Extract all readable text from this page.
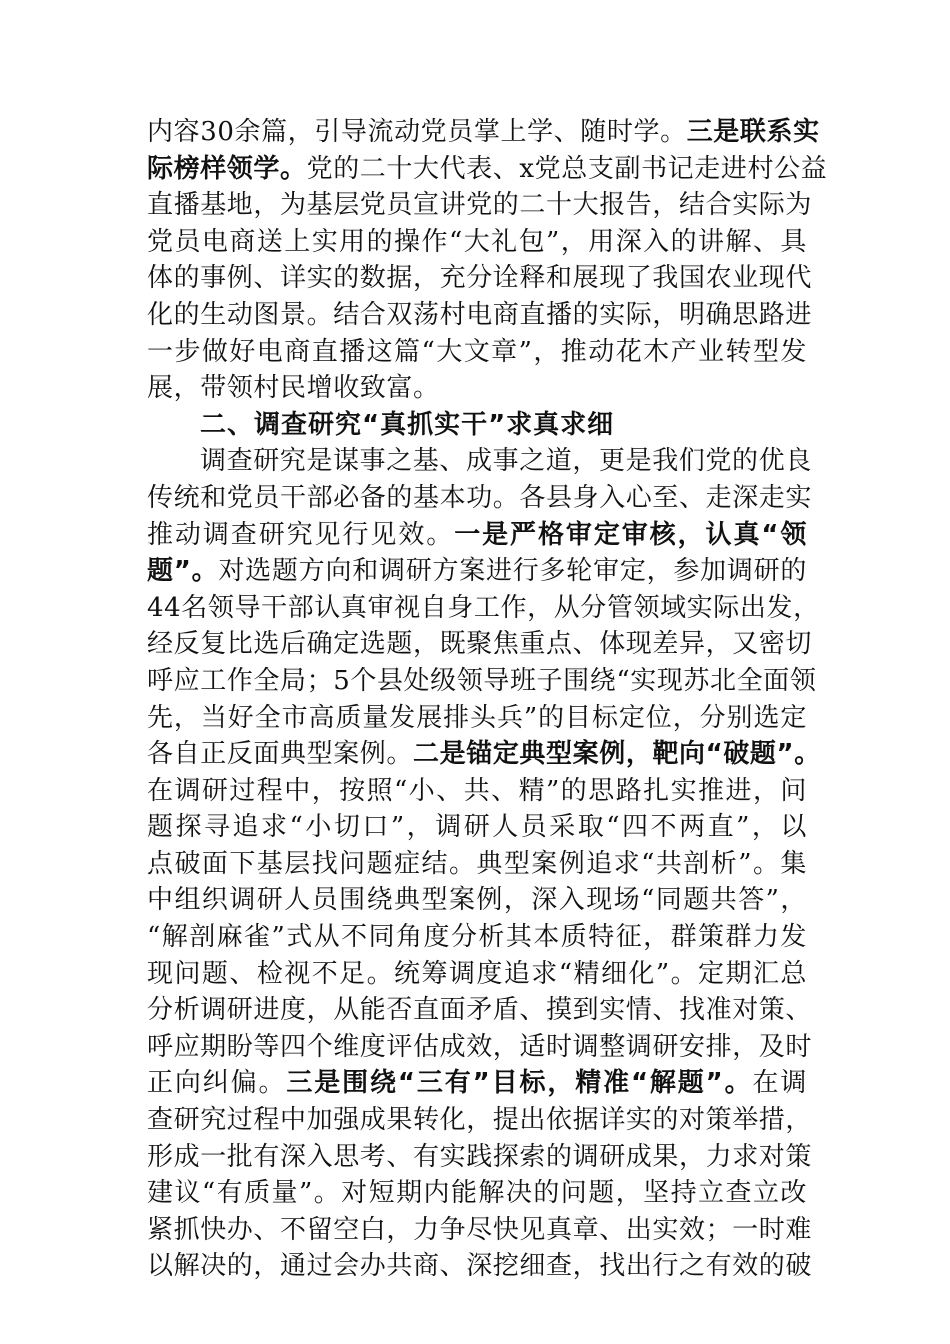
内容30余篇，引导流动党员掌上学、随时学。三是联系实
际榜样领学。党的二十大代表、x党总支副书记走进村公益
直播基地，为基层党员宣讲党的二十大报告，结合实际为
党员电商送上实用的操作“大礼包”，用深入的讲解、具
体的事例、详实的数据，充分诠释和展现了我国农业现代
化的生动图景。结合双荡村电商直播的实际，明确思路进
一步做好电商直播这篇“大文章”，推动花木产业转型发
展，带领村民增收致富。
二、调查研究“真抓实干”求真求细
调查研究是谋事之基、成事之道，更是我们党的优良
传统和党员干部必备的基本功。各县身入心至、走深走实
推动调查研究见行见效。一是严格审定审核，认真“领
题”。对选题方向和调研方案进行多轮审定，参加调研的
44名领导干部认真审视自身工作，从分管领域实际出发，
经反复比选后确定选题，既聚焦重点、体现差异，又密切
呼应工作全局；5个县处级领导班子围绕“实现苏北全面领
先，当好全市高质量发展排头兵”的目标定位，分别选定
各自正反面典型案例。二是锚定典型案例，靶向“破题”。
在调研过程中，按照“小、共、精”的思路扎实推进，问
题探寻追求“小切口”，调研人员采取“四不两直”，以
点破面下基层找问题症结。典型案例追求“共剖析”。集
中组织调研人员围绕典型案例，深入现场“同题共答”，
“解剖麻雀”式从不同角度分析其本质特征，群策群力发
现问题、检视不足。统筹调度追求“精细化”。定期汇总
分析调研进度，从能否直面矛盾、摸到实情、找准对策、
呼应期盼等四个维度评估成效，适时调整调研安排，及时
正向纠偏。三是围绕“三有”目标，精准“解题”。在调
查研究过程中加强成果转化，提出依据详实的对策举措，
形成一批有深入思考、有实践探索的调研成果，力求对策
建议“有质量”。对短期内能解决的问题，坚持立查立改
紧抓快办、不留空白，力争尽快见真章、出实效；一时难
以解决的，通过会办共商、深挖细查，找出行之有效的破
